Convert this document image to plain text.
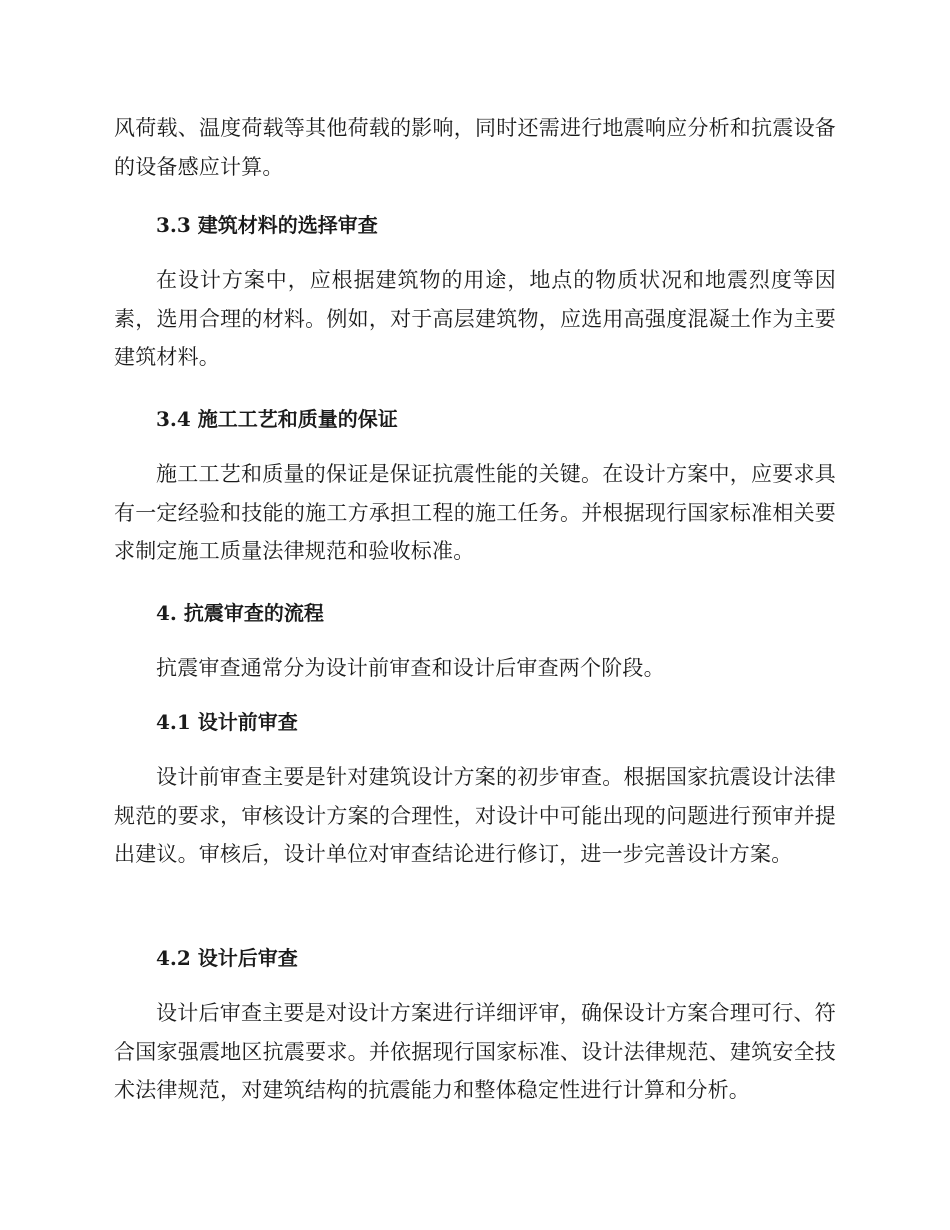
风荷载、温度荷载等其他荷载的影响，同时还需进行地震响应分析和抗震设备的设备感应计算。

3.3 建筑材料的选择审查

在设计方案中，应根据建筑物的用途，地点的物质状况和地震烈度等因素，选用合理的材料。例如，对于高层建筑物，应选用高强度混凝土作为主要建筑材料。

3.4 施工工艺和质量的保证

施工工艺和质量的保证是保证抗震性能的关键。在设计方案中，应要求具有一定经验和技能的施工方承担工程的施工任务。并根据现行国家标准相关要求制定施工质量法律规范和验收标准。

4. 抗震审查的流程

抗震审查通常分为设计前审查和设计后审查两个阶段。

4.1 设计前审查

设计前审查主要是针对建筑设计方案的初步审查。根据国家抗震设计法律规范的要求，审核设计方案的合理性，对设计中可能出现的问题进行预审并提出建议。审核后，设计单位对审查结论进行修订，进一步完善设计方案。

4.2 设计后审查

设计后审查主要是对设计方案进行详细评审，确保设计方案合理可行、符合国家强震地区抗震要求。并依据现行国家标准、设计法律规范、建筑安全技术法律规范，对建筑结构的抗震能力和整体稳定性进行计算和分析。
